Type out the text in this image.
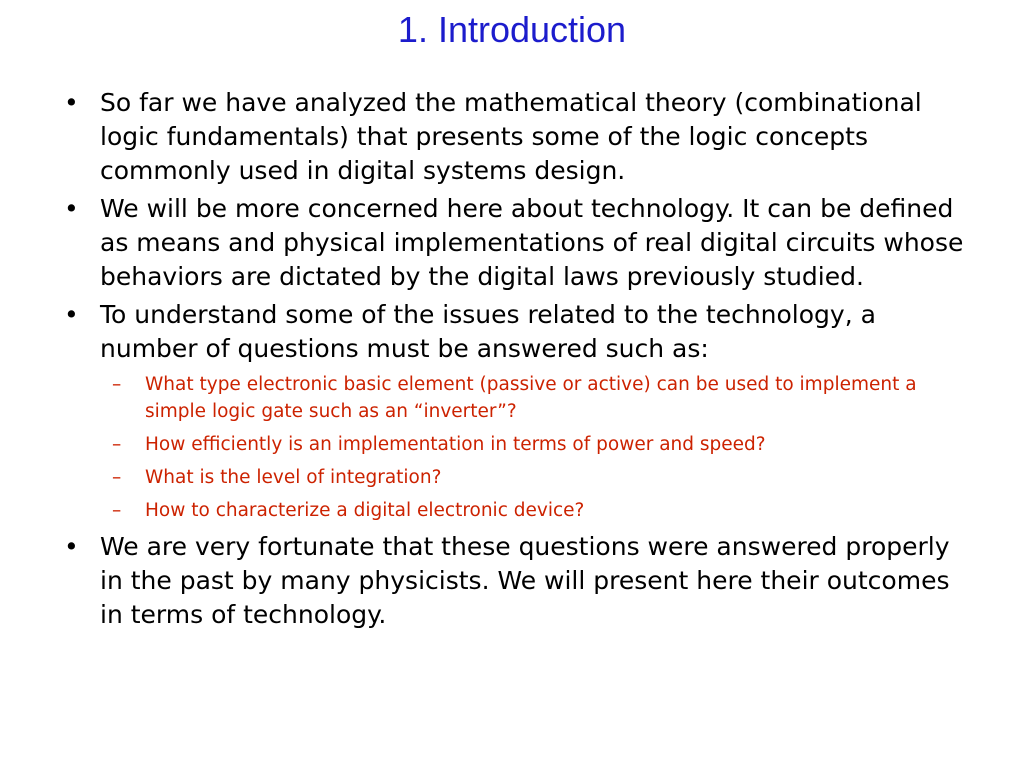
1. Introduction
• So far we have analyzed the mathematical theory (combinational logic fundamentals) that presents some of the logic concepts commonly used in digital systems design.
• We will be more concerned here about technology. It can be defined as means and physical implementations of real digital circuits whose behaviors are dictated by the digital laws previously studied.
• To understand some of the issues related to the technology, a number of questions must be answered such as:
– What type electronic basic element (passive or active) can be used to implement a simple logic gate such as an “inverter”?
– How efficiently is an implementation in terms of power and speed?
– What is the level of integration?
– How to characterize a digital electronic device?
• We are very fortunate that these questions were answered properly in the past by many physicists. We will present here their outcomes in terms of technology.
